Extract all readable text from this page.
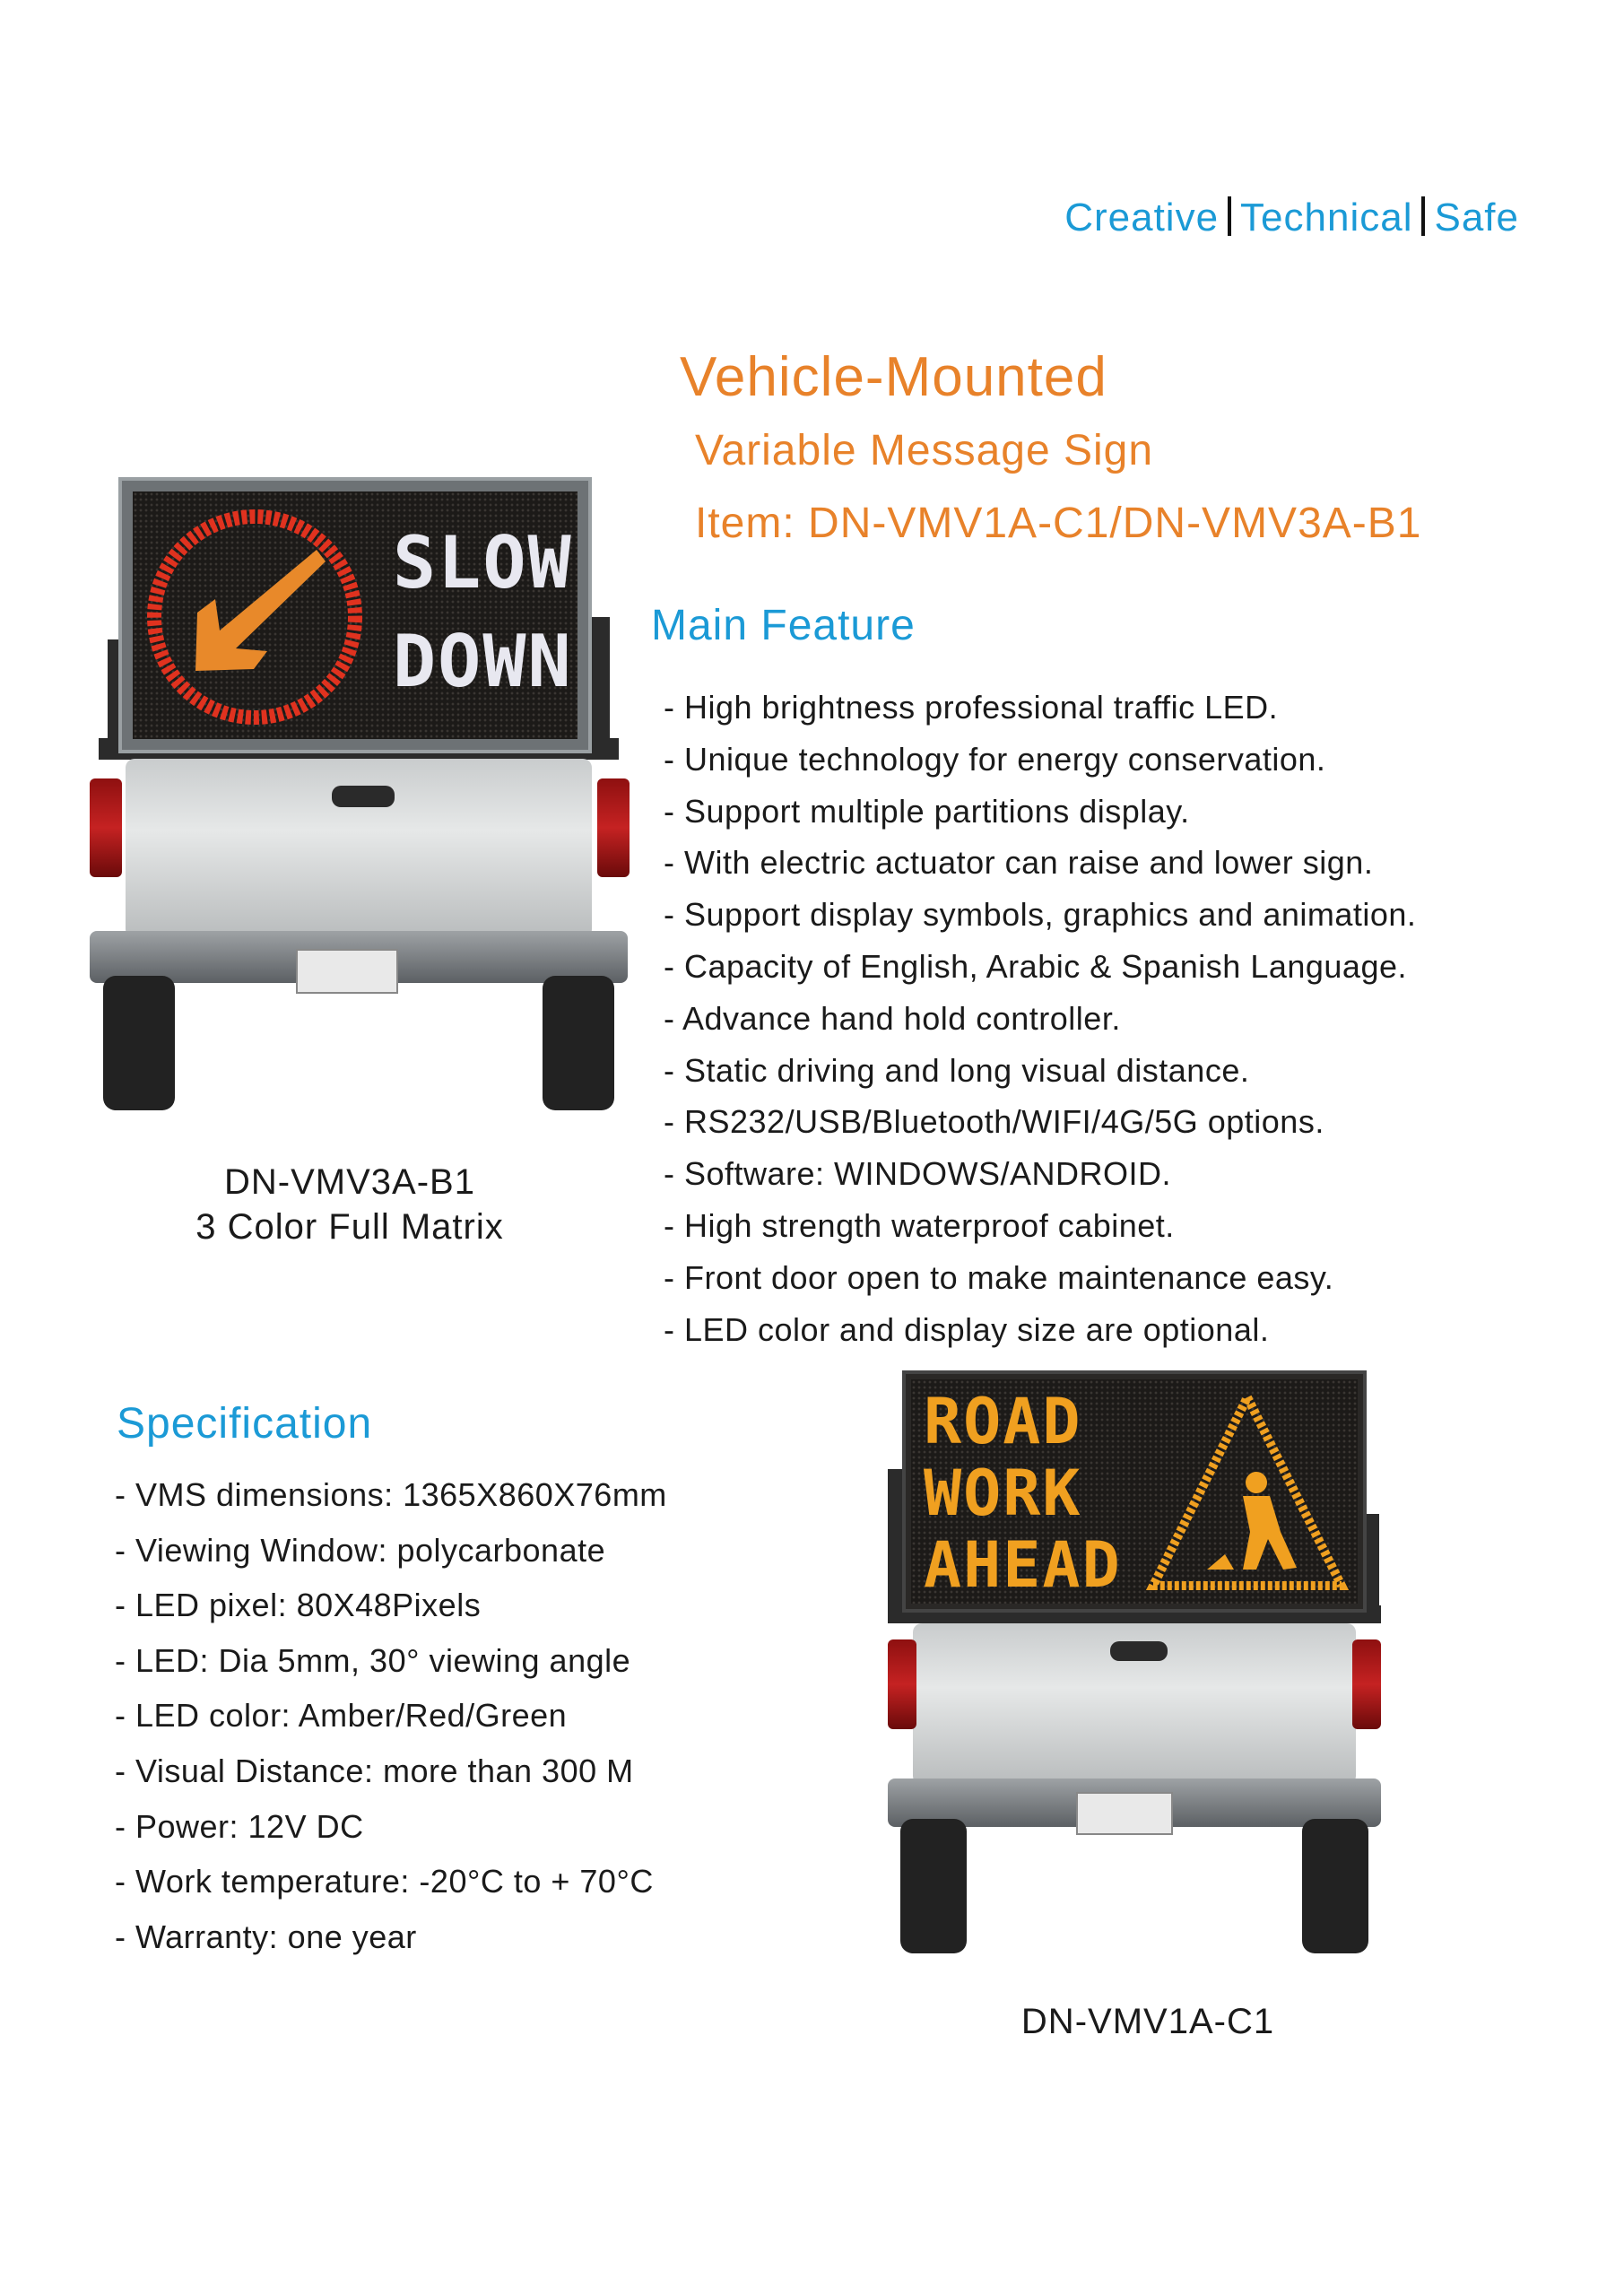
Creative Technical Safe
Vehicle-Mounted
Variable Message Sign
Item: DN-VMV1A-C1/DN-VMV3A-B1
Main Feature
- High brightness professional traffic LED.
- Unique technology for energy conservation.
- Support multiple partitions display.
- With electric actuator can raise and lower sign.
- Support display symbols, graphics and animation.
- Capacity of English, Arabic & Spanish Language.
- Advance hand hold controller.
- Static driving and long visual distance.
- RS232/USB/Bluetooth/WIFI/4G/5G options.
- Software: WINDOWS/ANDROID.
- High strength waterproof cabinet.
- Front door open to make maintenance easy.
- LED color and display size are optional.
Specification
- VMS dimensions: 1365X860X76mm
- Viewing Window: polycarbonate
- LED pixel: 80X48Pixels
- LED: Dia 5mm, 30° viewing angle
- LED color: Amber/Red/Green
- Visual Distance: more than 300 M
- Power: 12V DC
- Work temperature: -20°C to + 70°C
- Warranty: one year
SLOW
DOWN
DN-VMV3A-B1
3 Color Full Matrix
ROAD
WORK
AHEAD
DN-VMV1A-C1
